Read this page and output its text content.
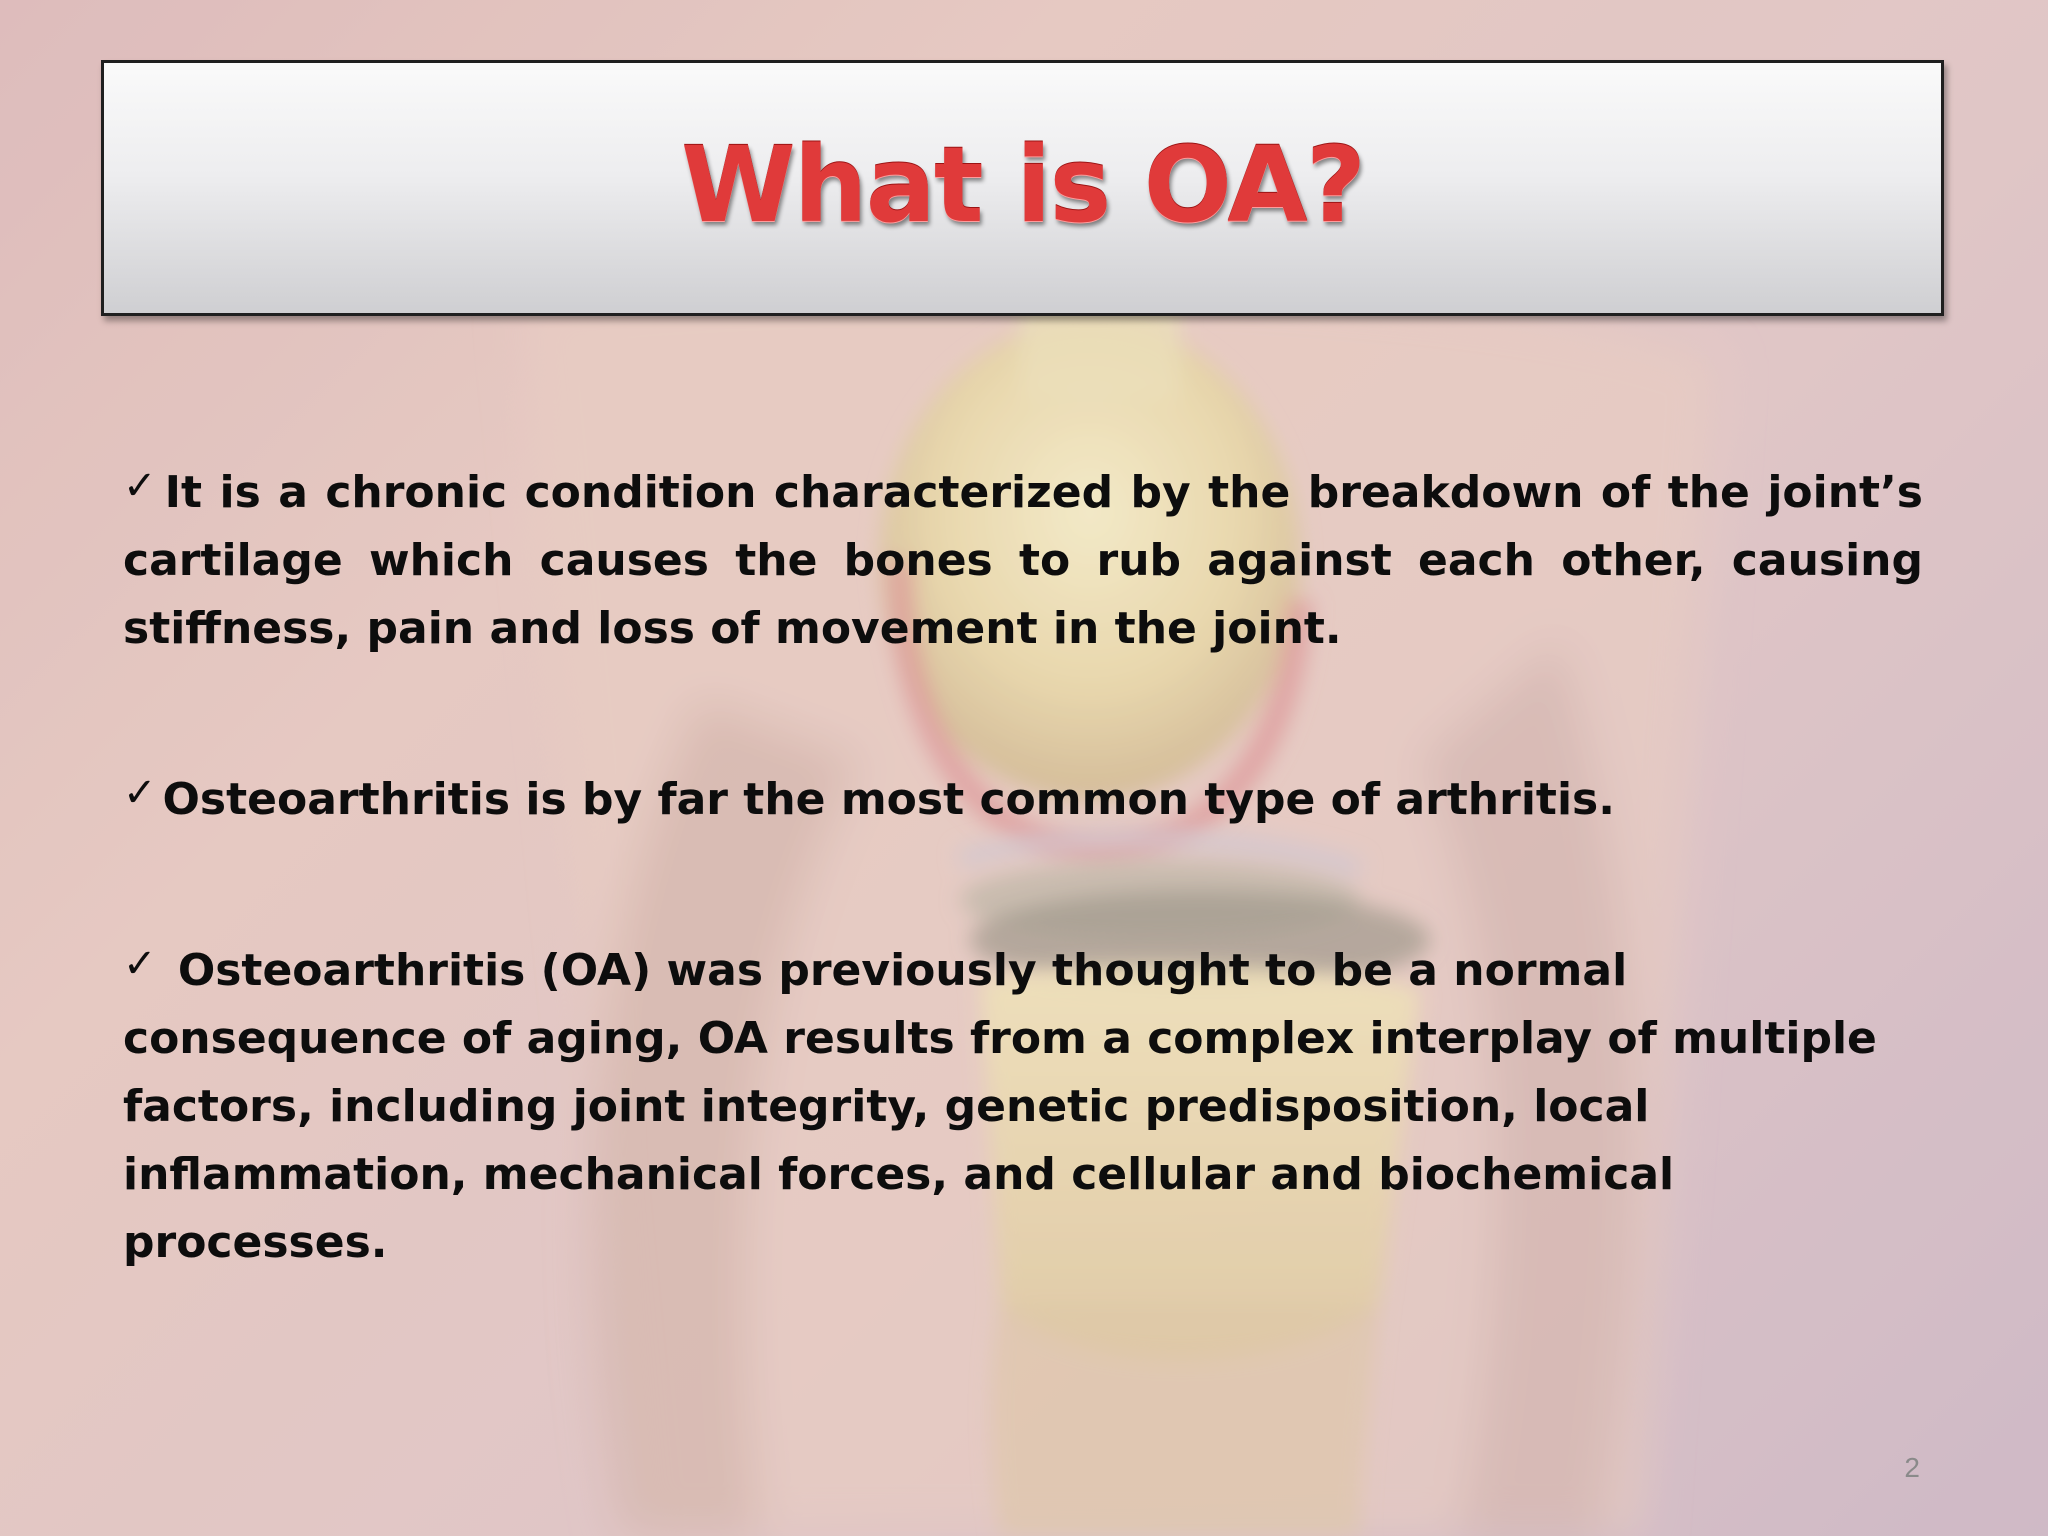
What is OA?

✓ It is a chronic condition characterized by the breakdown of the joint’s cartilage which causes the bones to rub against each other, causing stiffness, pain and loss of movement in the joint.

✓ Osteoarthritis is by far the most common type of arthritis.

✓ Osteoarthritis (OA) was previously thought to be a normal consequence of aging, OA results from a complex interplay of multiple factors, including joint integrity, genetic predisposition, local inflammation, mechanical forces, and cellular and biochemical processes.

2
